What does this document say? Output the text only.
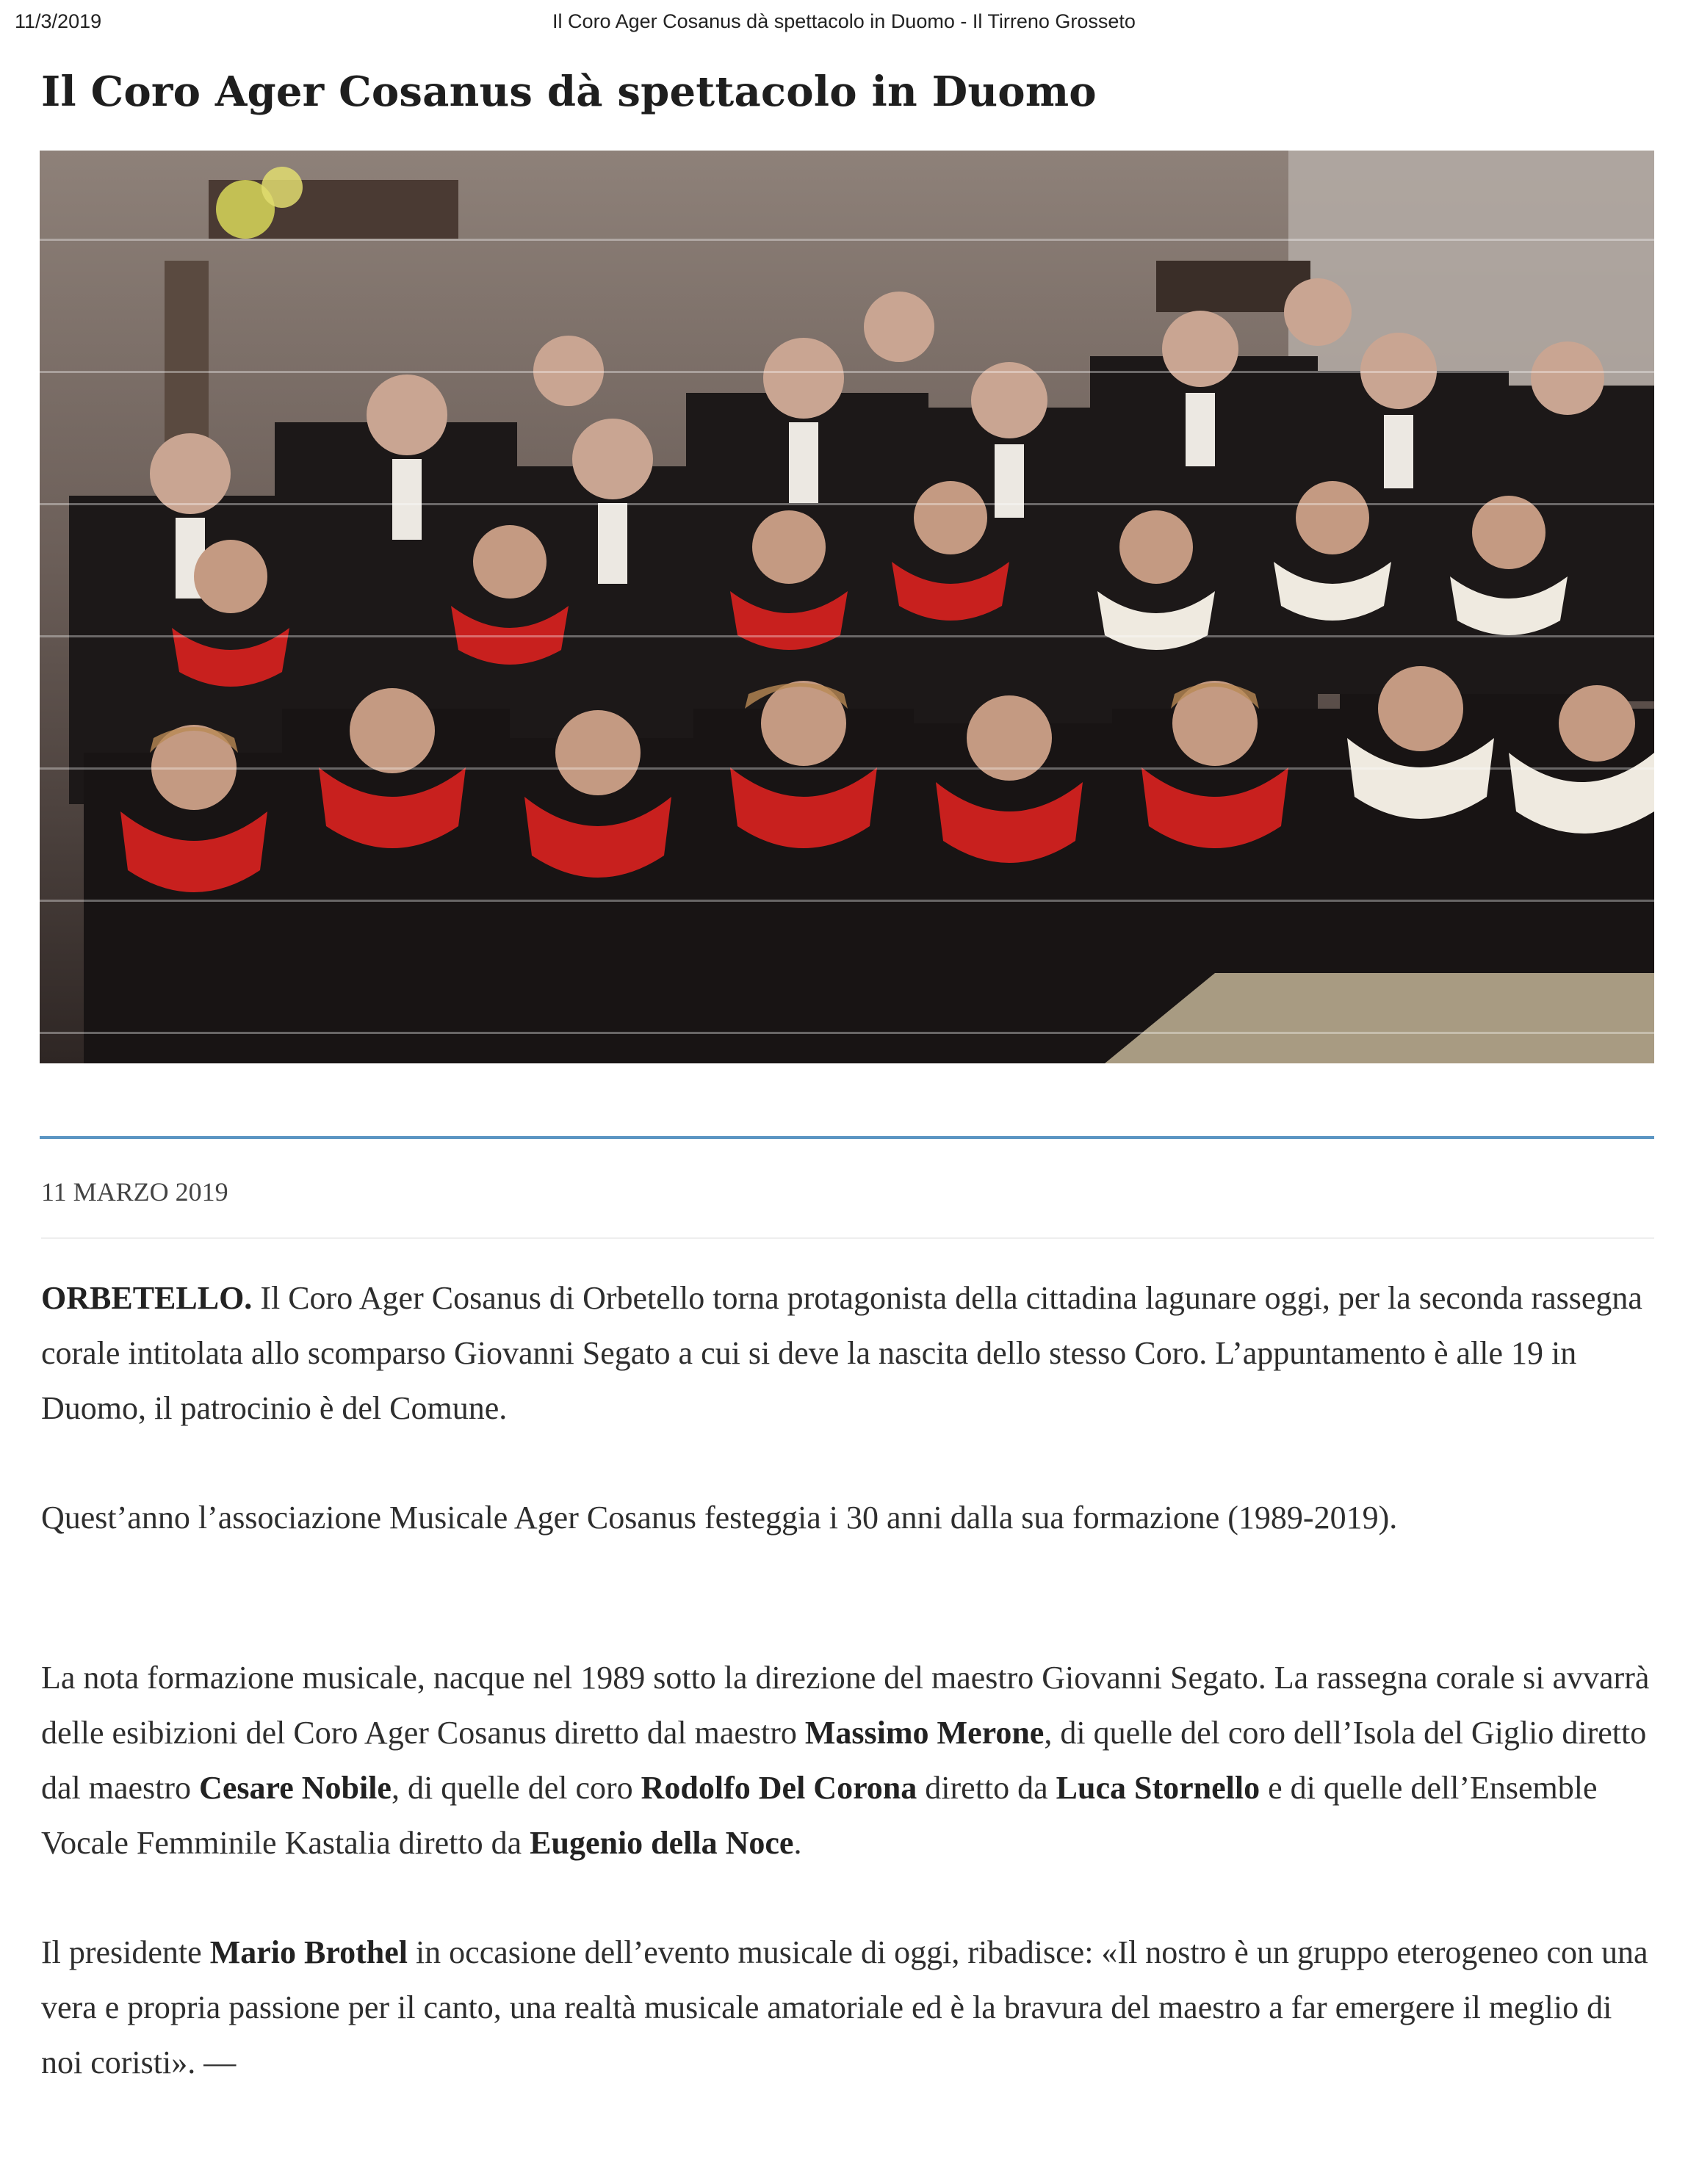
11/3/2019	Il Coro Ager Cosanus dà spettacolo in Duomo - Il Tirreno Grosseto
Il Coro Ager Cosanus dà spettacolo in Duomo
11 MARZO 2019

ORBETELLO. Il Coro Ager Cosanus di Orbetello torna protagonista della cittadina lagunare oggi, per la seconda rassegna corale intitolata allo scomparso Giovanni Segato a cui si deve la nascita dello stesso Coro. L’appuntamento è alle 19 in Duomo, il patrocinio è del Comune.

Quest’anno l’associazione Musicale Ager Cosanus festeggia i 30 anni dalla sua formazione (1989-2019).

La nota formazione musicale, nacque nel 1989 sotto la direzione del maestro Giovanni Segato. La rassegna corale si avvarrà delle esibizioni del Coro Ager Cosanus diretto dal maestro Massimo Merone, di quelle del coro dell’Isola del Giglio diretto dal maestro Cesare Nobile, di quelle del coro Rodolfo Del Corona diretto da Luca Stornello e di quelle dell’Ensemble Vocale Femminile Kastalia diretto da Eugenio della Noce.

Il presidente Mario Brothel in occasione dell’evento musicale di oggi, ribadisce: «Il nostro è un gruppo eterogeneo con una vera e propria passione per il canto, una realtà musicale amatoriale ed è la bravura del maestro a far emergere il meglio di noi coristi». —
